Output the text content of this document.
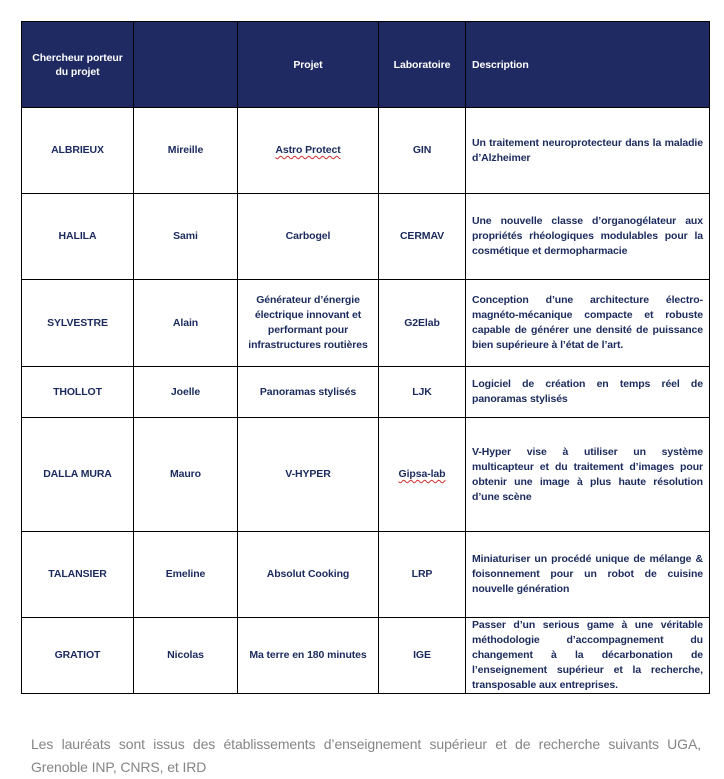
Chercheur porteur du projet		Projet	Laboratoire	Description
ALBRIEUX	Mireille	Astro Protect	GIN	Un traitement neuroprotecteur dans la maladie d’Alzheimer
HALILA	Sami	Carbogel	CERMAV	Une nouvelle classe d’organogélateur aux propriétés rhéologiques modulables pour la cosmétique et dermopharmacie
SYLVESTRE	Alain	Générateur d’énergie électrique innovant et performant pour infrastructures routières	G2Elab	Conception d’une architecture électro-magnéto-mécanique compacte et robuste capable de générer une densité de puissance bien supérieure à l’état de l’art.
THOLLOT	Joelle	Panoramas stylisés	LJK	Logiciel de création en temps réel de panoramas stylisés
DALLA MURA	Mauro	V-HYPER	Gipsa-lab	V-Hyper vise à utiliser un système multicapteur et du traitement d’images pour obtenir une image à plus haute résolution d’une scène
TALANSIER	Emeline	Absolut Cooking	LRP	Miniaturiser un procédé unique de mélange & foisonnement pour un robot de cuisine nouvelle génération
GRATIOT	Nicolas	Ma terre en 180 minutes	IGE	Passer d’un serious game à une véritable méthodologie d’accompagnement du changement à la décarbonation de l’enseignement supérieur et la recherche, transposable aux entreprises.
Les lauréats sont issus des établissements d’enseignement supérieur et de recherche suivants UGA, Grenoble INP, CNRS, et IRD
